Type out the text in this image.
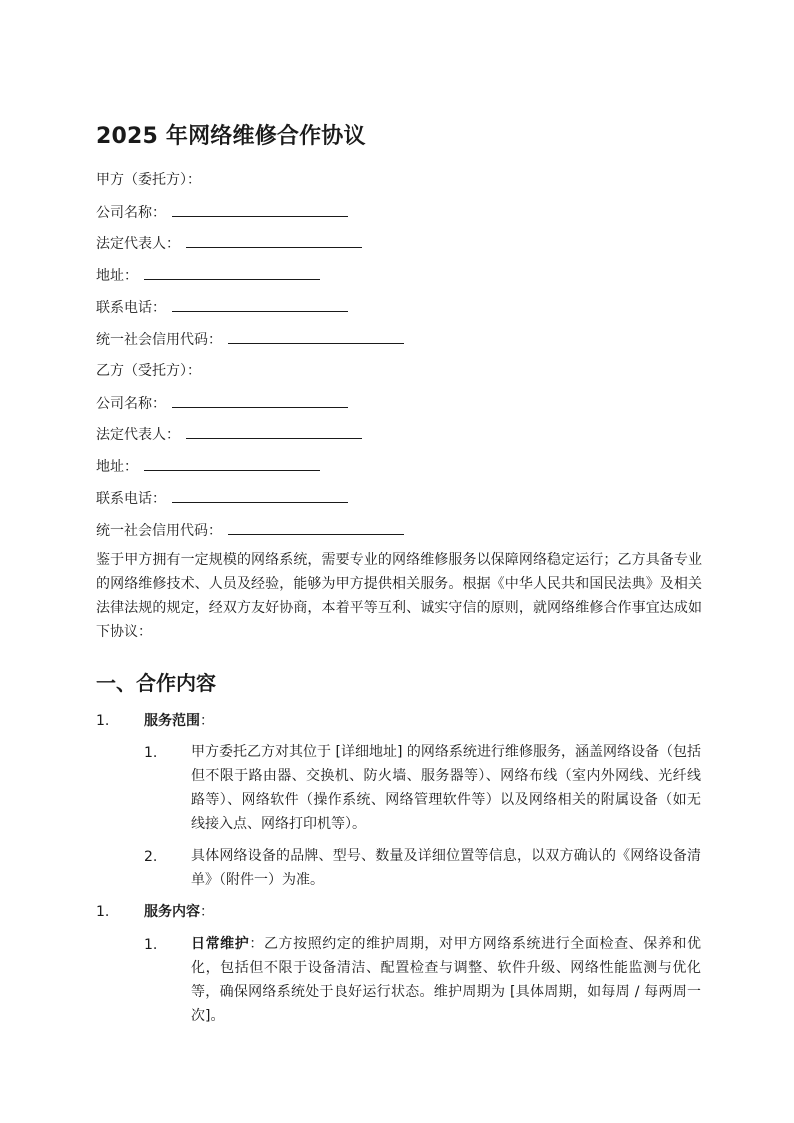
2025 年网络维修合作协议
甲方（委托方）：
公司名称：
法定代表人：
地址：
联系电话：
统一社会信用代码：
乙方（受托方）：
公司名称：
法定代表人：
地址：
联系电话：
统一社会信用代码：

鉴于甲方拥有一定规模的网络系统，需要专业的网络维修服务以保障网络稳定运行；乙方具备专业的网络维修技术、人员及经验，能够为甲方提供相关服务。根据《中华人民共和国民法典》及相关法律法规的规定，经双方友好协商，本着平等互利、诚实守信的原则，就网络维修合作事宜达成如下协议：

一、合作内容
1. 服务范围：
1. 甲方委托乙方对其位于 [详细地址] 的网络系统进行维修服务，涵盖网络设备（包括但不限于路由器、交换机、防火墙、服务器等）、网络布线（室内外网线、光纤线路等）、网络软件（操作系统、网络管理软件等）以及网络相关的附属设备（如无线接入点、网络打印机等）。

2. 具体网络设备的品牌、型号、数量及详细位置等信息，以双方确认的《网络设备清单》（附件一）为准。

1. 服务内容：
1. 日常维护：乙方按照约定的维护周期，对甲方网络系统进行全面检查、保养和优化，包括但不限于设备清洁、配置检查与调整、软件升级、网络性能监测与优化等，确保网络系统处于良好运行状态。维护周期为 [具体周期，如每周 / 每两周一次]。
